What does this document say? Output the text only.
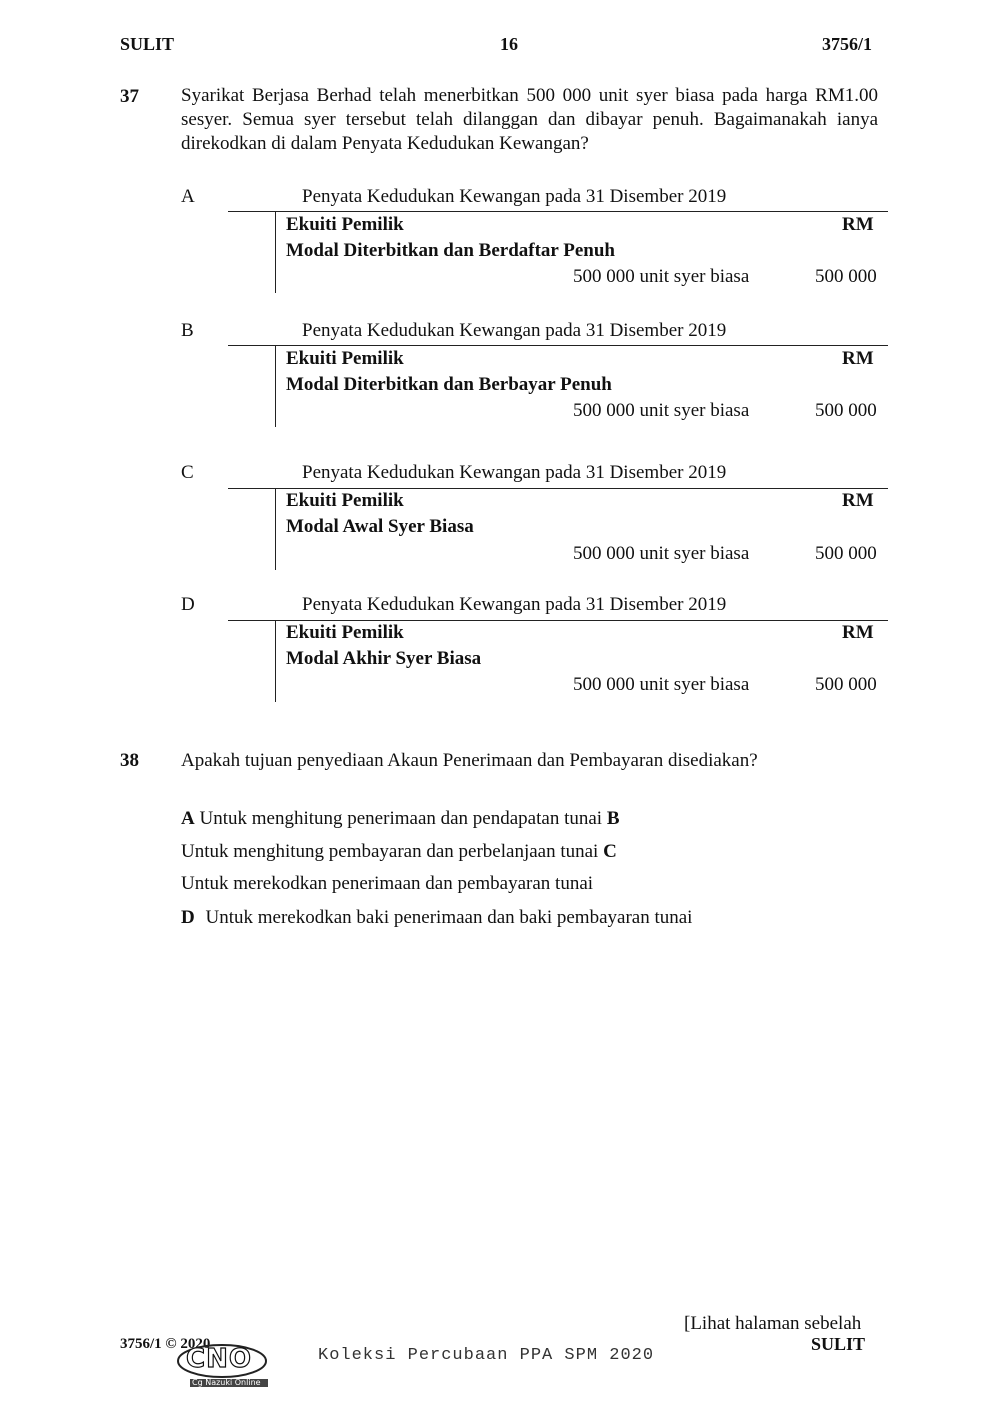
SULIT	16	3756/1
37 Syarikat Berjasa Berhad telah menerbitkan 500 000 unit syer biasa pada harga RM1.00 sesyer. Semua syer tersebut telah dilanggan dan dibayar penuh. Bagaimanakah ianya direkodkan di dalam Penyata Kedudukan Kewangan?
A	Penyata Kedudukan Kewangan pada 31 Disember 2019
Ekuiti Pemilik	RM
Modal Diterbitkan dan Berdaftar Penuh
500 000 unit syer biasa	500 000
B	Penyata Kedudukan Kewangan pada 31 Disember 2019
Ekuiti Pemilik	RM
Modal Diterbitkan dan Berbayar Penuh
500 000 unit syer biasa	500 000
C	Penyata Kedudukan Kewangan pada 31 Disember 2019
Ekuiti Pemilik	RM
Modal Awal Syer Biasa
500 000 unit syer biasa	500 000
D	Penyata Kedudukan Kewangan pada 31 Disember 2019
Ekuiti Pemilik	RM
Modal Akhir Syer Biasa
500 000 unit syer biasa	500 000
38 Apakah tujuan penyediaan Akaun Penerimaan dan Pembayaran disediakan?
A Untuk menghitung penerimaan dan pendapatan tunai B
Untuk menghitung pembayaran dan perbelanjaan tunai C
Untuk merekodkan penerimaan dan pembayaran tunai
D Untuk merekodkan baki penerimaan dan baki pembayaran tunai
3756/1 © 2020
CNO
Cg Nazuki Online
Koleksi Percubaan PPA SPM 2020
[Lihat halaman sebelah
SULIT
